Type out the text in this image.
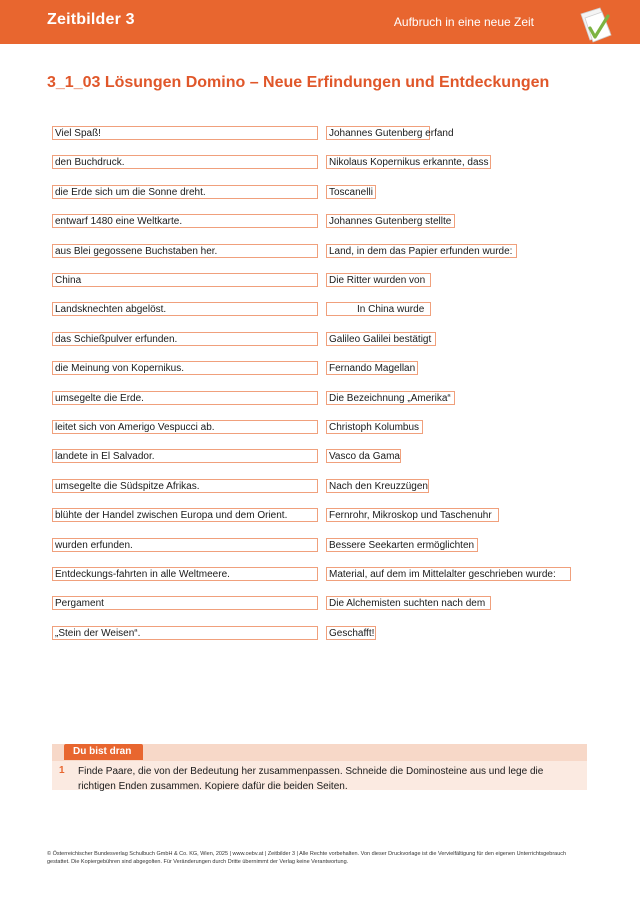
Zeitbilder 3	Aufbruch in eine neue Zeit
3_1_03 Lösungen Domino – Neue Erfindungen und Entdeckungen
Viel Spaß!	Johannes Gutenberg erfand
den Buchdruck.	Nikolaus Kopernikus erkannte, dass
die Erde sich um die Sonne dreht.	Toscanelli
entwarf 1480 eine Weltkarte.	Johannes Gutenberg stellte
aus Blei gegossene Buchstaben her.	Land, in dem das Papier erfunden wurde:
China	Die Ritter wurden von
Landsknechten abgelöst.	In China wurde
das Schießpulver erfunden.	Galileo Galilei bestätigt
die Meinung von Kopernikus.	Fernando Magellan
umsegelte die Erde.	Die Bezeichnung „Amerika“
leitet sich von Amerigo Vespucci ab.	Christoph Kolumbus
landete in El Salvador.	Vasco da Gama
umsegelte die Südspitze Afrikas.	Nach den Kreuzzügen
blühte der Handel zwischen Europa und dem Orient.	Fernrohr, Mikroskop und Taschenuhr
wurden erfunden.	Bessere Seekarten ermöglichten
Entdeckungs-fahrten in alle Weltmeere.	Material, auf dem im Mittelalter geschrieben wurde:
Pergament	Die Alchemisten suchten nach dem
„Stein der Weisen“.	Geschafft!
Du bist dran
1 Finde Paare, die von der Bedeutung her zusammenpassen. Schneide die Dominosteine aus und lege die richtigen Enden zusammen. Kopiere dafür die beiden Seiten.
© Österreichischer Bundesverlag Schulbuch GmbH & Co. KG, Wien, 2025 | www.oebv.at | Zeitbilder 3 | Alle Rechte vorbehalten. Von dieser Druckvorlage ist die Vervielfältigung für den eigenen Unterrichtsgebrauch gestattet. Die Kopiergebühren sind abgegolten. Für Veränderungen durch Dritte übernimmt der Verlag keine Verantwortung.
